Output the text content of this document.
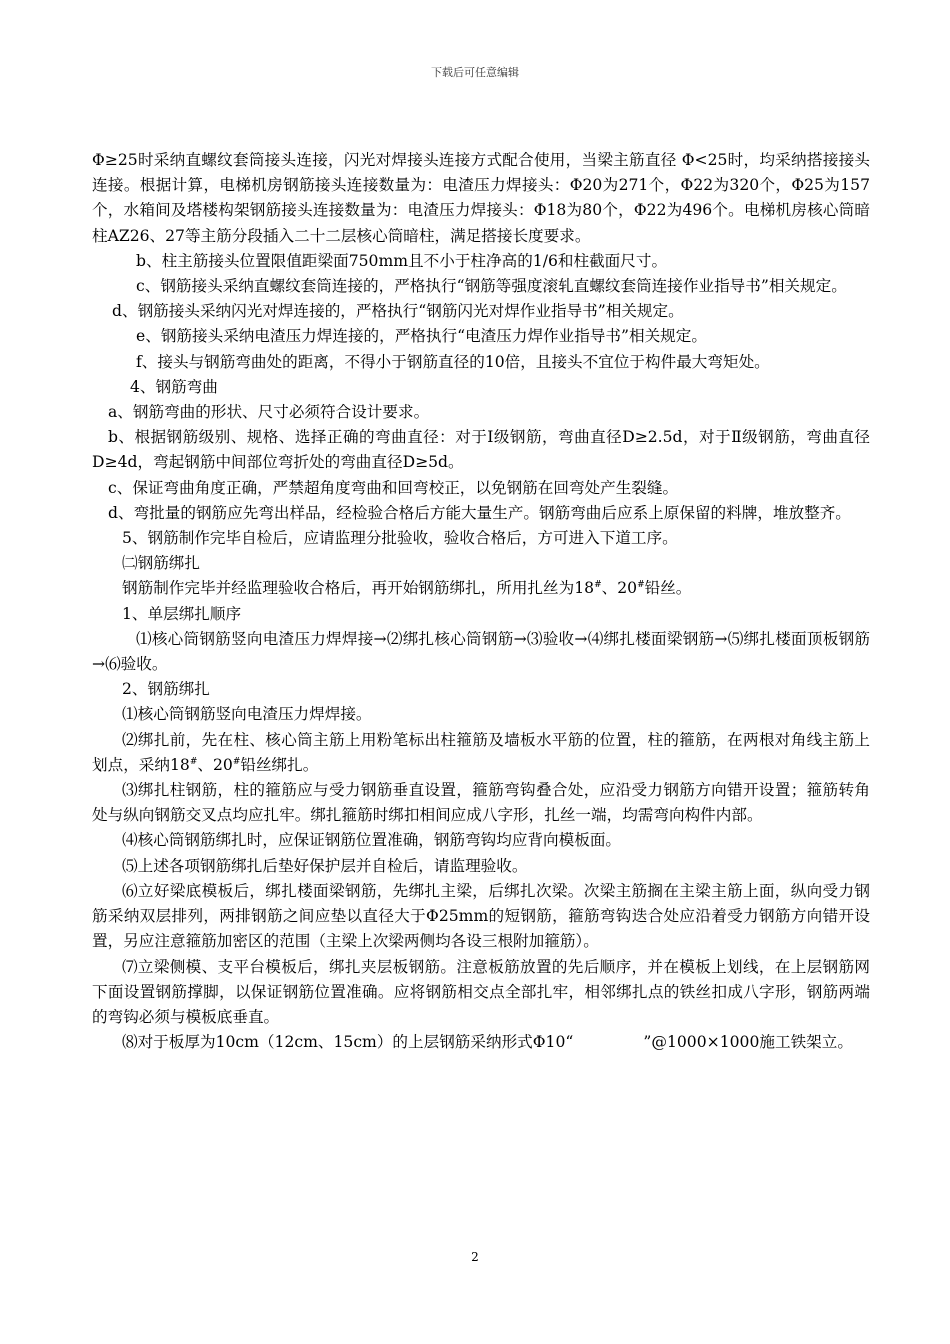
下载后可任意编辑

Φ≥25时采纳直螺纹套筒接头连接，闪光对焊接头连接方式配合使用，当梁主筋直径 Φ<25时，均采纳搭接接头连接。根据计算，电梯机房钢筋接头连接数量为：电渣压力焊接头：Φ20为271个，Φ22为320个，Φ25为157个，水箱间及塔楼构架钢筋接头连接数量为：电渣压力焊接头：Φ18为80个，Φ22为496个。电梯机房核心筒暗柱AZ26、27等主筋分段插入二十二层核心筒暗柱，满足搭接长度要求。

b、柱主筋接头位置限值距梁面750mm且不小于柱净高的1/6和柱截面尺寸。

c、钢筋接头采纳直螺纹套筒连接的，严格执行“钢筋等强度滚轧直螺纹套筒连接作业指导书”相关规定。

d、钢筋接头采纳闪光对焊连接的，严格执行“钢筋闪光对焊作业指导书”相关规定。

e、钢筋接头采纳电渣压力焊连接的，严格执行“电渣压力焊作业指导书”相关规定。

f、接头与钢筋弯曲处的距离，不得小于钢筋直径的10倍，且接头不宜位于构件最大弯矩处。

4、钢筋弯曲

a、钢筋弯曲的形状、尺寸必须符合设计要求。

b、根据钢筋级别、规格、选择正确的弯曲直径：对于Ⅰ级钢筋，弯曲直径D≥2.5d，对于Ⅱ级钢筋，弯曲直径D≥4d，弯起钢筋中间部位弯折处的弯曲直径D≥5d。

c、保证弯曲角度正确，严禁超角度弯曲和回弯校正，以免钢筋在回弯处产生裂缝。

d、弯批量的钢筋应先弯出样品，经检验合格后方能大量生产。钢筋弯曲后应系上原保留的料牌，堆放整齐。

5、钢筋制作完毕自检后，应请监理分批验收，验收合格后，方可进入下道工序。

㈡钢筋绑扎

钢筋制作完毕并经监理验收合格后，再开始钢筋绑扎，所用扎丝为18#、20#铅丝。

1、单层绑扎顺序

⑴核心筒钢筋竖向电渣压力焊焊接→⑵绑扎核心筒钢筋→⑶验收→⑷绑扎楼面梁钢筋→⑸绑扎楼面顶板钢筋→⑹验收。

2、钢筋绑扎

⑴核心筒钢筋竖向电渣压力焊焊接。

⑵绑扎前，先在柱、核心筒主筋上用粉笔标出柱箍筋及墙板水平筋的位置，柱的箍筋，在两根对角线主筋上划点，采纳18#、20#铅丝绑扎。

⑶绑扎柱钢筋，柱的箍筋应与受力钢筋垂直设置，箍筋弯钩叠合处，应沿受力钢筋方向错开设置；箍筋转角处与纵向钢筋交叉点均应扎牢。绑扎箍筋时绑扣相间应成八字形，扎丝一端，均需弯向构件内部。

⑷核心筒钢筋绑扎时，应保证钢筋位置准确，钢筋弯钩均应背向模板面。

⑸上述各项钢筋绑扎后垫好保护层并自检后，请监理验收。

⑹立好梁底模板后，绑扎楼面梁钢筋，先绑扎主梁，后绑扎次梁。次梁主筋搁在主梁主筋上面，纵向受力钢筋采纳双层排列，两排钢筋之间应垫以直径大于Φ25mm的短钢筋，箍筋弯钩迭合处应沿着受力钢筋方向错开设置，另应注意箍筋加密区的范围（主梁上次梁两侧均各设三根附加箍筋）。

⑺立梁侧模、支平台模板后，绑扎夹层板钢筋。注意板筋放置的先后顺序，并在模板上划线，在上层钢筋网下面设置钢筋撑脚，以保证钢筋位置准确。应将钢筋相交点全部扎牢，相邻绑扎点的铁丝扣成八字形，钢筋两端的弯钩必须与模板底垂直。

⑻对于板厚为10cm（12cm、15cm）的上层钢筋采纳形式Φ10“	”@1000×1000施工铁架立。

2
